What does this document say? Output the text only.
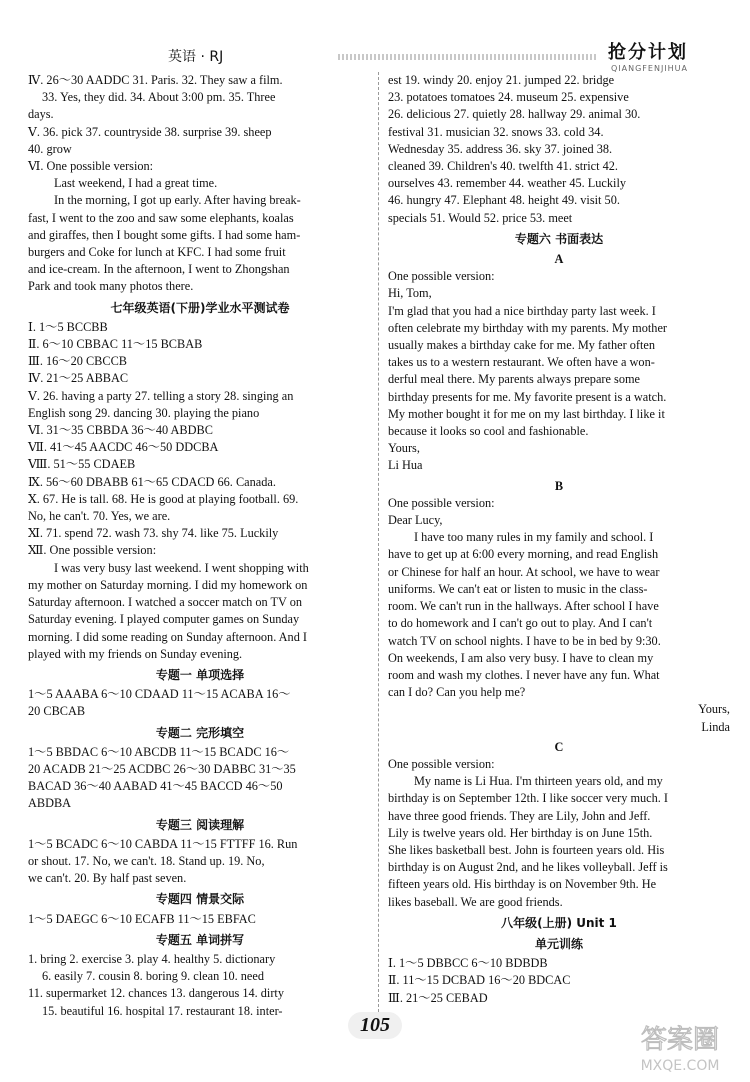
英语 · RJ	抢分计划
QIANGFENJIHUA
Ⅳ. 26～30 AADDC 31. Paris. 32. They saw a film.
33. Yes, they did. 34. About 3:00 pm. 35. Three
days.
Ⅴ. 36. pick 37. countryside 38. surprise 39. sheep
40. grow
Ⅵ. One possible version:
Last weekend, I had a great time.
In the morning, I got up early. After having break-
fast, I went to the zoo and saw some elephants, koalas
and giraffes, then I bought some gifts. I had some ham-
burgers and Coke for lunch at KFC. I had some fruit
and ice-cream. In the afternoon, I went to Zhongshan
Park and took many photos there.
七年级英语(下册)学业水平测试卷
Ⅰ. 1～5 BCCBB
Ⅱ. 6～10 CBBAC 11～15 BCBAB
Ⅲ. 16～20 CBCCB
Ⅳ. 21～25 ABBAC
Ⅴ. 26. having a party 27. telling a story 28. singing an
English song 29. dancing 30. playing the piano
Ⅵ. 31～35 CBBDA 36～40 ABDBC
Ⅶ. 41～45 AACDC 46～50 DDCBA
Ⅷ. 51～55 CDAEB
Ⅸ. 56～60 DBABB 61～65 CDACD 66. Canada.
Ⅹ. 67. He is tall. 68. He is good at playing football. 69.
No, he can't. 70. Yes, we are.
Ⅺ. 71. spend 72. wash 73. shy 74. like 75. Luckily
Ⅻ. One possible version:
I was very busy last weekend. I went shopping with
my mother on Saturday morning. I did my homework on
Saturday afternoon. I watched a soccer match on TV on
Saturday evening. I played computer games on Sunday
morning. I did some reading on Sunday afternoon. And I
played with my friends on Sunday evening.
专题一 单项选择
1～5 AAABA 6～10 CDAAD 11～15 ACABA 16～
20 CBCAB
专题二 完形填空
1～5 BBDAC 6～10 ABCDB 11～15 BCADC 16～
20 ACADB 21～25 ACDBC 26～30 DABBC 31～35
BACAD 36～40 AABAD 41～45 BACCD 46～50
ABDBA
专题三 阅读理解
1～5 BCADC 6～10 CABDA 11～15 FTTFF 16. Run
or shout. 17. No, we can't. 18. Stand up. 19. No,
we can't. 20. By half past seven.
专题四 情景交际
1～5 DAEGC 6～10 ECAFB 11～15 EBFAC
专题五 单词拼写
1. bring 2. exercise 3. play 4. healthy 5. dictionary
6. easily 7. cousin 8. boring 9. clean 10. need
11. supermarket 12. chances 13. dangerous 14. dirty
15. beautiful 16. hospital 17. restaurant 18. inter-
est 19. windy 20. enjoy 21. jumped 22. bridge
23. potatoes tomatoes 24. museum 25. expensive
26. delicious 27. quietly 28. hallway 29. animal 30.
festival 31. musician 32. snows 33. cold 34.
Wednesday 35. address 36. sky 37. joined 38.
cleaned 39. Children's 40. twelfth 41. strict 42.
ourselves 43. remember 44. weather 45. Luckily
46. hungry 47. Elephant 48. height 49. visit 50.
specials 51. Would 52. price 53. meet
专题六 书面表达
A
One possible version:
Hi, Tom,
I'm glad that you had a nice birthday party last week. I
often celebrate my birthday with my parents. My mother
usually makes a birthday cake for me. My father often
takes us to a western restaurant. We often have a won-
derful meal there. My parents always prepare some
birthday presents for me. My favorite present is a watch.
My mother bought it for me on my last birthday. I like it
because it looks so cool and fashionable.
Yours,
Li Hua
B
One possible version:
Dear Lucy,
I have too many rules in my family and school. I
have to get up at 6:00 every morning, and read English
or Chinese for half an hour. At school, we have to wear
uniforms. We can't eat or listen to music in the class-
room. We can't run in the hallways. After school I have
to do homework and I can't go out to play. And I can't
watch TV on school nights. I have to be in bed by 9:30.
On weekends, I am also very busy. I have to clean my
room and wash my clothes. I never have any fun. What
can I do? Can you help me?
Yours,
Linda
C
One possible version:
My name is Li Hua. I'm thirteen years old, and my
birthday is on September 12th. I like soccer very much. I
have three good friends. They are Lily, John and Jeff.
Lily is twelve years old. Her birthday is on June 15th.
She likes basketball best. John is fourteen years old. His
birthday is on August 2nd, and he likes volleyball. Jeff is
fifteen years old. His birthday is on November 9th. He
likes baseball. We are good friends.
八年级(上册) Unit 1
单元训练
Ⅰ. 1～5 DBBCC 6～10 BDBDB
Ⅱ. 11～15 DCBAD 16～20 BDCAC
Ⅲ. 21～25 CEBAD
105	答案圈
MXQE.COM
